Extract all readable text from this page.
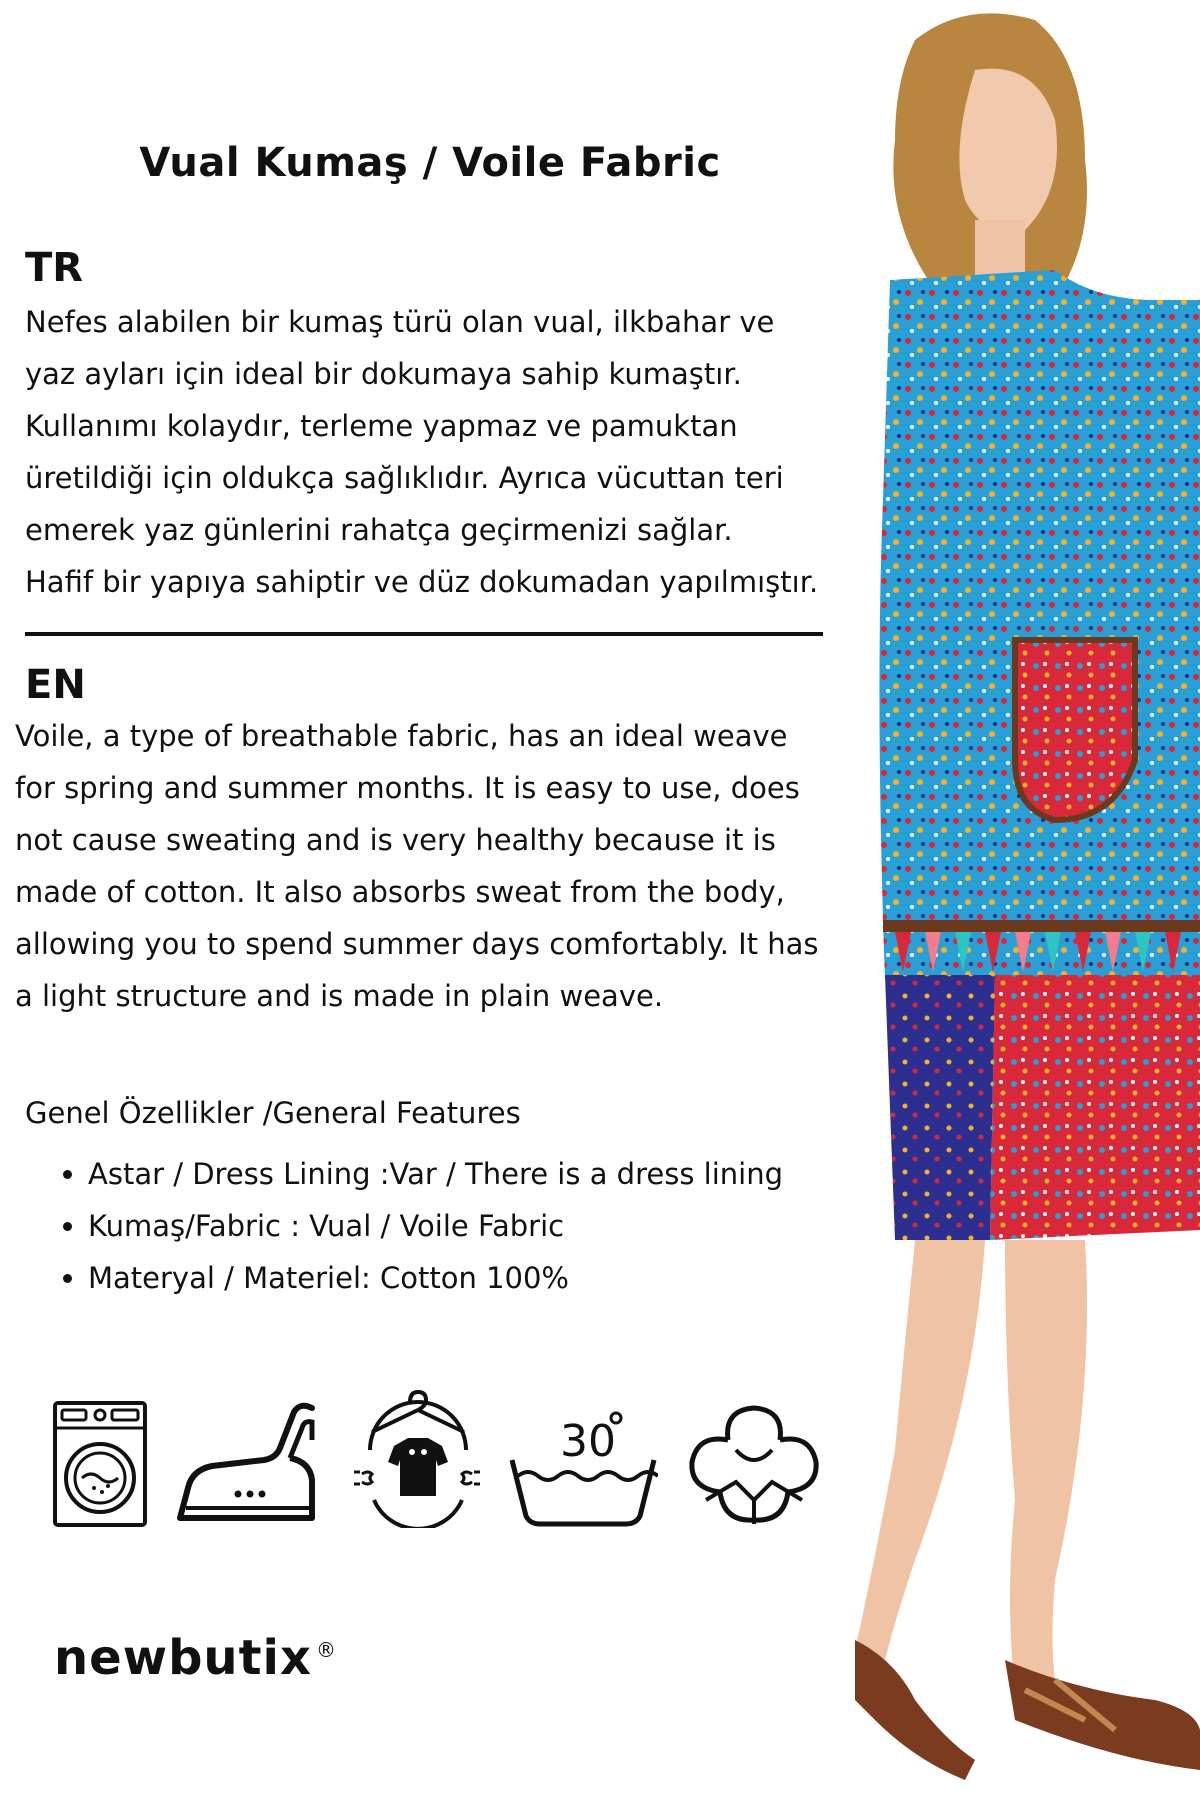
Vual Kumaş / Voile Fabric
TR
Nefes alabilen bir kumaş türü olan vual, ilkbahar ve
yaz ayları için ideal bir dokumaya sahip kumaştır.
Kullanımı kolaydır, terleme yapmaz ve pamuktan
üretildiği için oldukça sağlıklıdır. Ayrıca vücuttan teri
emerek yaz günlerini rahatça geçirmenizi sağlar.
Hafif bir yapıya sahiptir ve düz dokumadan yapılmıştır.
EN
Voile, a type of breathable fabric, has an ideal weave
for spring and summer months. It is easy to use, does
not cause sweating and is very healthy because it is
made of cotton. It also absorbs sweat from the body,
allowing you to spend summer days comfortably. It has
a light structure and is made in plain weave.
Genel Özellikler /General Features
• Astar / Dress Lining :Var / There is a dress lining
• Kumaş/Fabric : Vual / Voile Fabric
• Materyal / Materiel: Cotton 100%
30
newbutix ®
